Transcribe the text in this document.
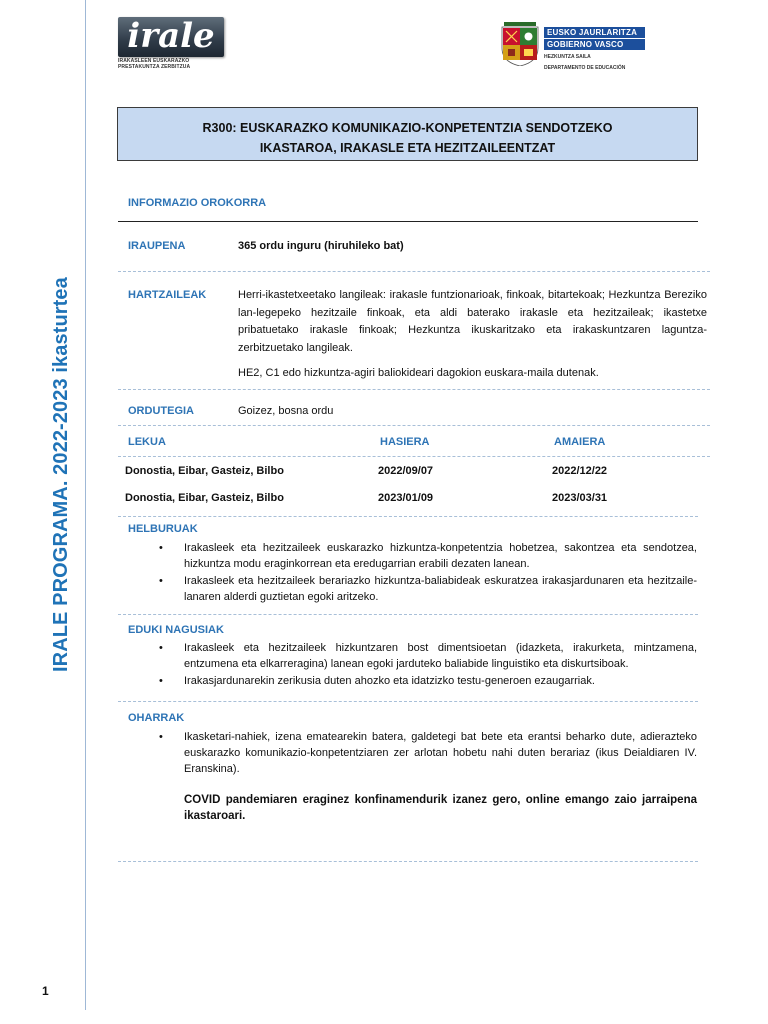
IRALE PROGRAMA. 2022-2023 ikasturtea
1
irale
IRAKASLEEN EUSKARAZKO PRESTAKUNTZA ZERBITZUA
EUSKO JAURLARITZA
GOBIERNO VASCO
HEZKUNTZA SAILA
DEPARTAMENTO DE EDUCACIÓN
R300: EUSKARAZKO KOMUNIKAZIO-KONPETENTZIA SENDOTZEKO
IKASTAROA, IRAKASLE ETA HEZITZAILEENTZAT
INFORMAZIO OROKORRA
IRAUPENA	365 ordu inguru (hiruhileko bat)
HARTZAILEAK	Herri-ikastetxeetako langileak: irakasle funtzionarioak, finkoak, bitartekoak; Hezkuntza Bereziko lan-legepeko hezitzaile finkoak, eta aldi baterako irakasle eta hezitzaileak; ikastetxe pribatuetako irakasle finkoak; Hezkuntza ikuskaritzako eta irakaskuntzaren laguntza-zerbitzuetako langileak.
HE2, C1 edo hizkuntza-agiri baliokideari dagokion euskara-maila dutenak.
ORDUTEGIA	Goizez, bosna ordu
LEKUA	HASIERA	AMAIERA
Donostia, Eibar, Gasteiz, Bilbo	2022/09/07	2022/12/22
Donostia, Eibar, Gasteiz, Bilbo	2023/01/09	2023/03/31
HELBURUAK
• Irakasleek eta hezitzaileek euskarazko hizkuntza-konpetentzia hobetzea, sakontzea eta sendotzea, hizkuntza modu eraginkorrean eta eredugarrian erabili dezaten lanean.
• Irakasleek eta hezitzaileek berariazko hizkuntza-baliabideak eskuratzea irakasjardunaren eta hezitzaile-lanaren alderdi guztietan egoki aritzeko.
EDUKI NAGUSIAK
• Irakasleek eta hezitzaileek hizkuntzaren bost dimentsioetan (idazketa, irakurketa, mintzamena, entzumena eta elkarreragina) lanean egoki jarduteko baliabide linguistiko eta diskurtsiboak.
• Irakasjardunarekin zerikusia duten ahozko eta idatzizko testu-generoen ezaugarriak.
OHARRAK
• Ikasketari-nahiek, izena ematearekin batera, galdetegi bat bete eta erantsi beharko dute, adierazteko euskarazko komunikazio-konpetentziaren zer arlotan hobetu nahi duten berariaz (ikus Deialdiaren IV. Eranskina).
COVID pandemiaren eraginez konfinamendurik izanez gero, online emango zaio jarraipena ikastaroari.
